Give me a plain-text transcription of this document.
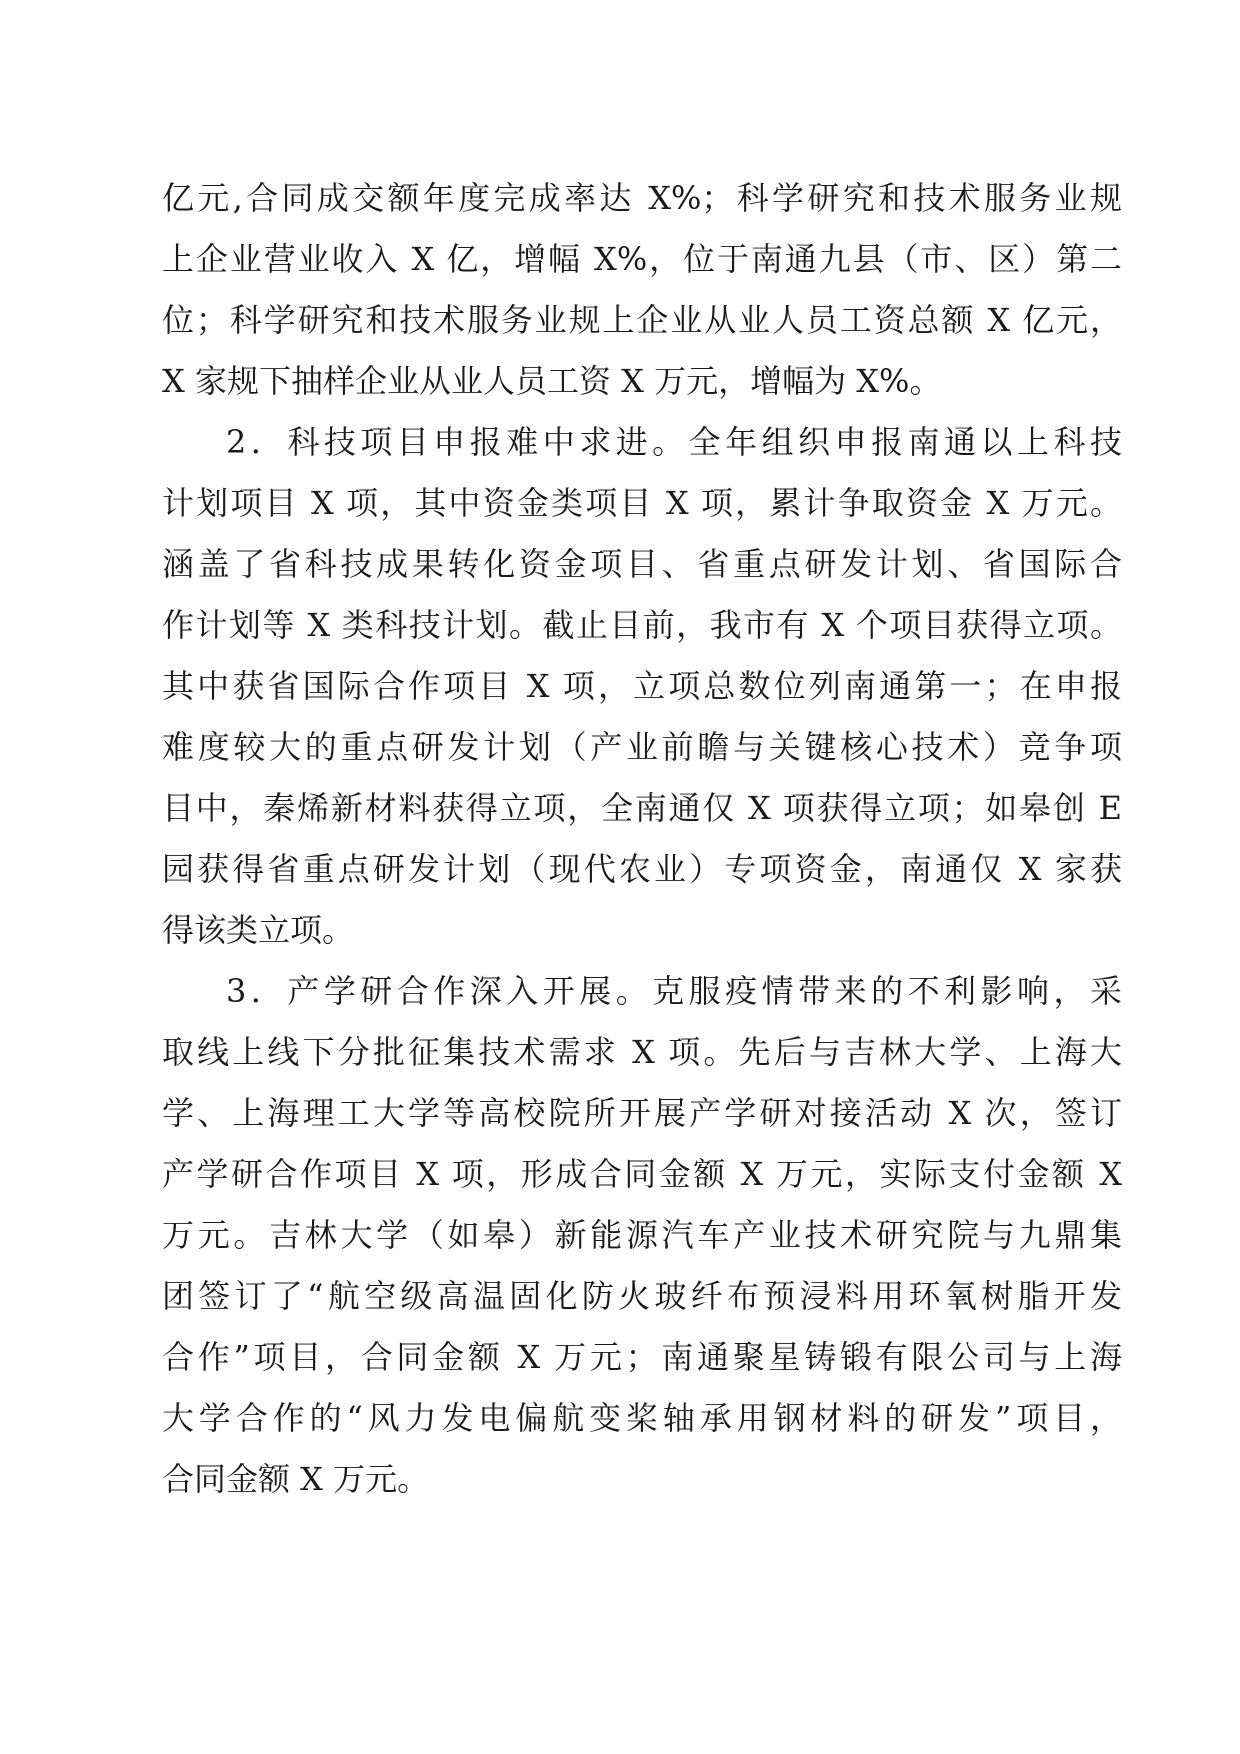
亿元,合同成交额年度完成率达 X%；科学研究和技术服务业规
上企业营业收入 X 亿，增幅 X%，位于南通九县（市、区）第二
位；科学研究和技术服务业规上企业从业人员工资总额 X 亿元，
X 家规下抽样企业从业人员工资 X 万元，增幅为 X%。
2．科技项目申报难中求进。全年组织申报南通以上科技
计划项目 X 项，其中资金类项目 X 项，累计争取资金 X 万元。
涵盖了省科技成果转化资金项目、省重点研发计划、省国际合
作计划等 X 类科技计划。截止目前，我市有 X 个项目获得立项。
其中获省国际合作项目 X 项，立项总数位列南通第一；在申报
难度较大的重点研发计划（产业前瞻与关键核心技术）竞争项
目中，秦烯新材料获得立项，全南通仅 X 项获得立项；如皋创 E
园获得省重点研发计划（现代农业）专项资金，南通仅 X 家获
得该类立项。
3．产学研合作深入开展。克服疫情带来的不利影响，采
取线上线下分批征集技术需求 X 项。先后与吉林大学、上海大
学、上海理工大学等高校院所开展产学研对接活动 X 次，签订
产学研合作项目 X 项，形成合同金额 X 万元，实际支付金额 X
万元。吉林大学（如皋）新能源汽车产业技术研究院与九鼎集
团签订了“航空级高温固化防火玻纤布预浸料用环氧树脂开发
合作”项目，合同金额 X 万元；南通聚星铸锻有限公司与上海
大学合作的“风力发电偏航变桨轴承用钢材料的研发”项目，
合同金额 X 万元。
